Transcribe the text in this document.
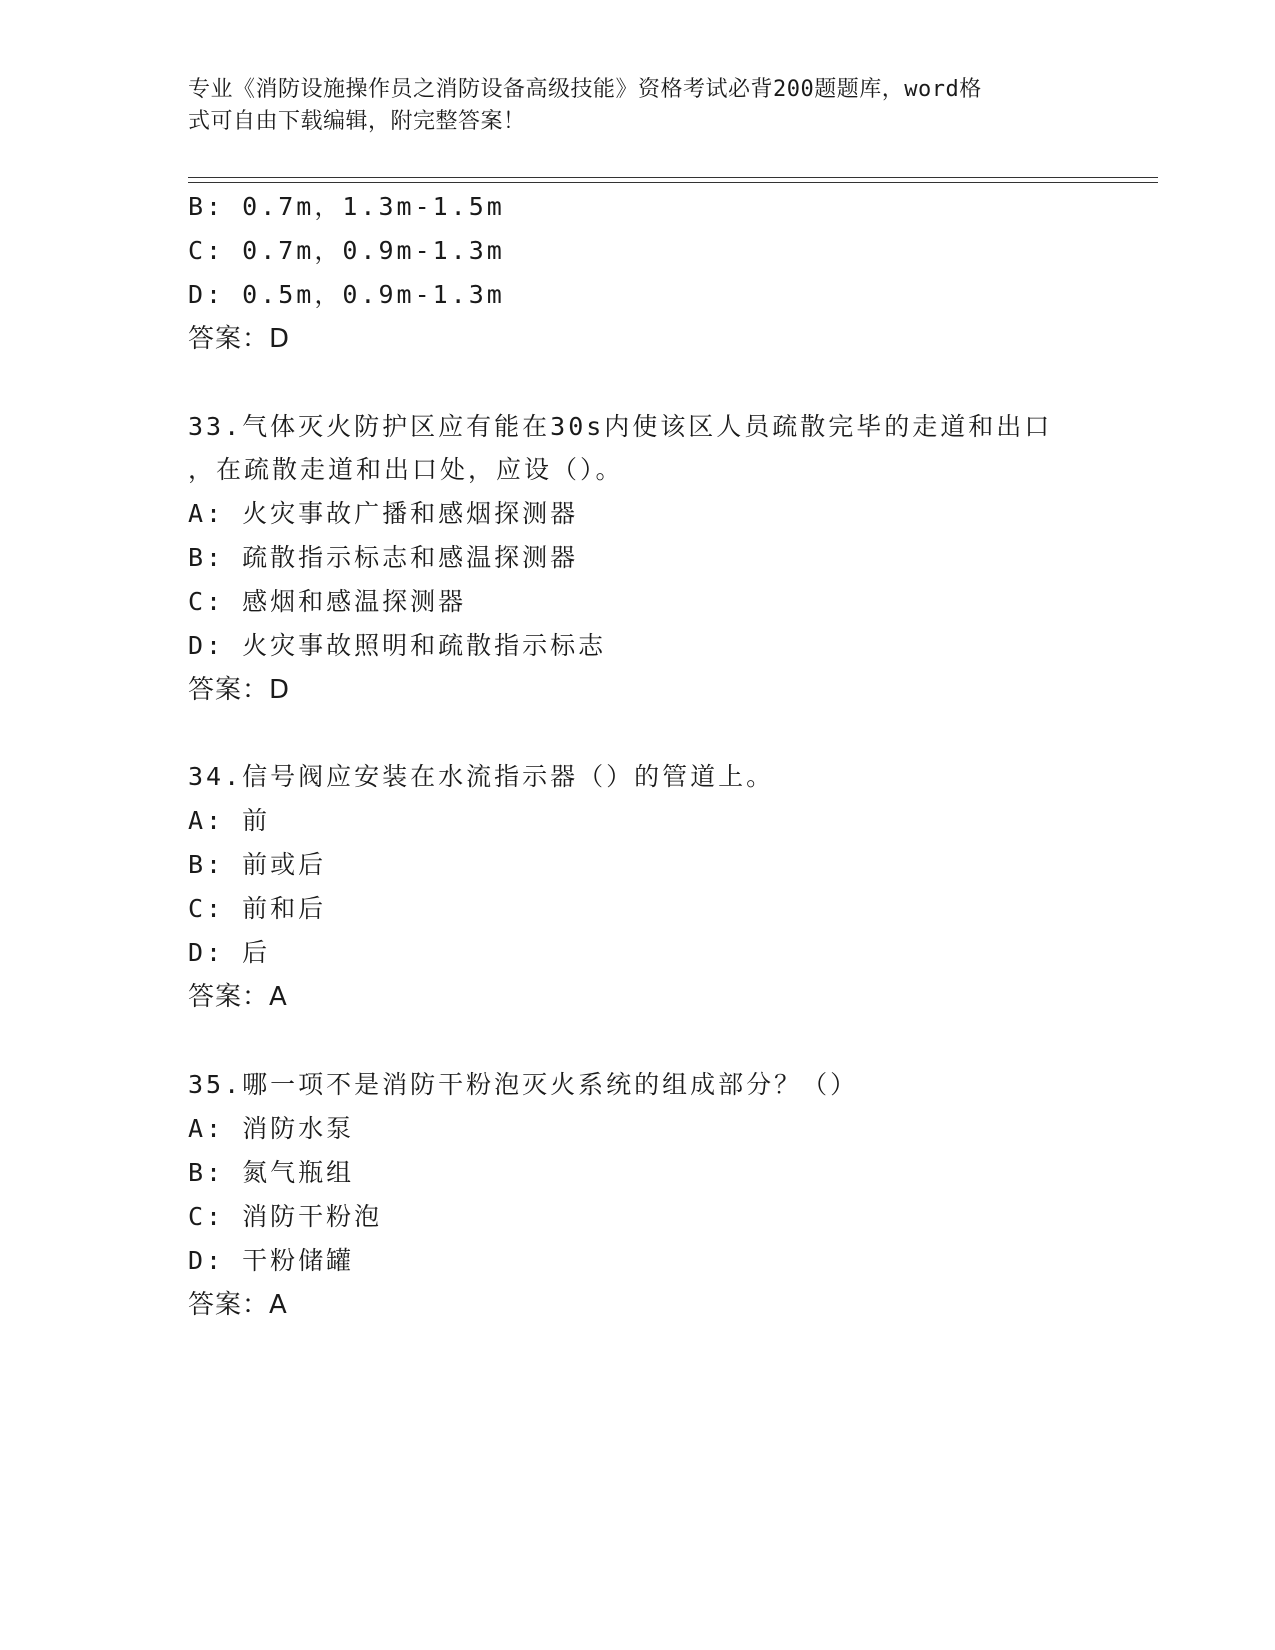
专业《消防设施操作员之消防设备高级技能》资格考试必背200题题库，word格
式可自由下载编辑，附完整答案！
B: 0.7m，1.3m-1.5m
C: 0.7m，0.9m-1.3m
D: 0.5m，0.9m-1.3m
答案：D
33.气体灭火防护区应有能在30s内使该区人员疏散完毕的走道和出口
，在疏散走道和出口处，应设（）。
A: 火灾事故广播和感烟探测器
B: 疏散指示标志和感温探测器
C: 感烟和感温探测器
D: 火灾事故照明和疏散指示标志
答案：D
34.信号阀应安装在水流指示器（）的管道上。
A: 前
B: 前或后
C: 前和后
D: 后
答案：A
35.哪一项不是消防干粉泡灭火系统的组成部分？（）
A: 消防水泵
B: 氮气瓶组
C: 消防干粉泡
D: 干粉储罐
答案：A
